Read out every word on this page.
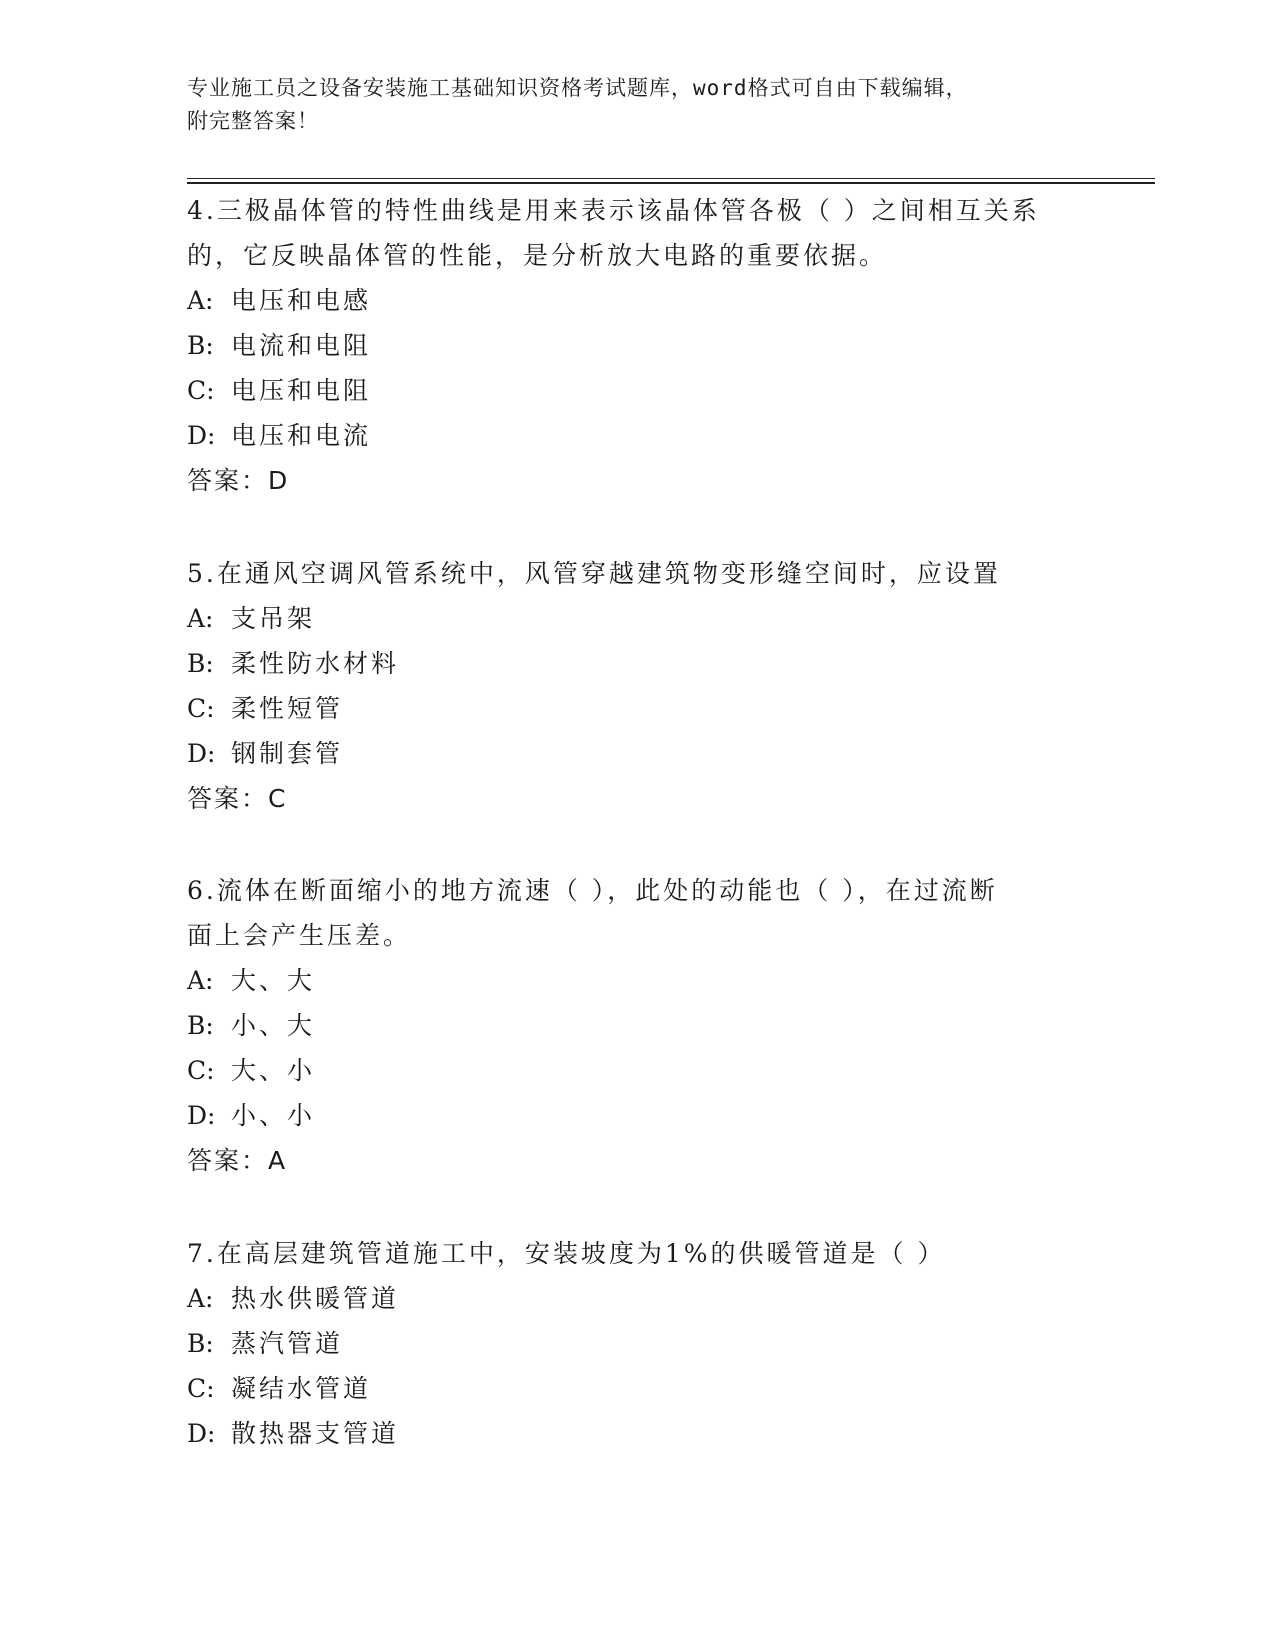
专业施工员之设备安装施工基础知识资格考试题库，word格式可自由下载编辑，
附完整答案！

4.三极晶体管的特性曲线是用来表示该晶体管各极（ ）之间相互关系

的，它反映晶体管的性能，是分析放大电路的重要依据。

A: 电压和电感

B: 电流和电阻

C: 电压和电阻

D: 电压和电流

答案：D

5.在通风空调风管系统中，风管穿越建筑物变形缝空间时，应设置

A: 支吊架

B: 柔性防水材料

C: 柔性短管

D: 钢制套管

答案：C

6.流体在断面缩小的地方流速（ ），此处的动能也（ ），在过流断

面上会产生压差。

A: 大、大

B: 小、大

C: 大、小

D: 小、小

答案：A

7.在高层建筑管道施工中，安装坡度为1%的供暖管道是（ ）

A: 热水供暖管道

B: 蒸汽管道

C: 凝结水管道

D: 散热器支管道
